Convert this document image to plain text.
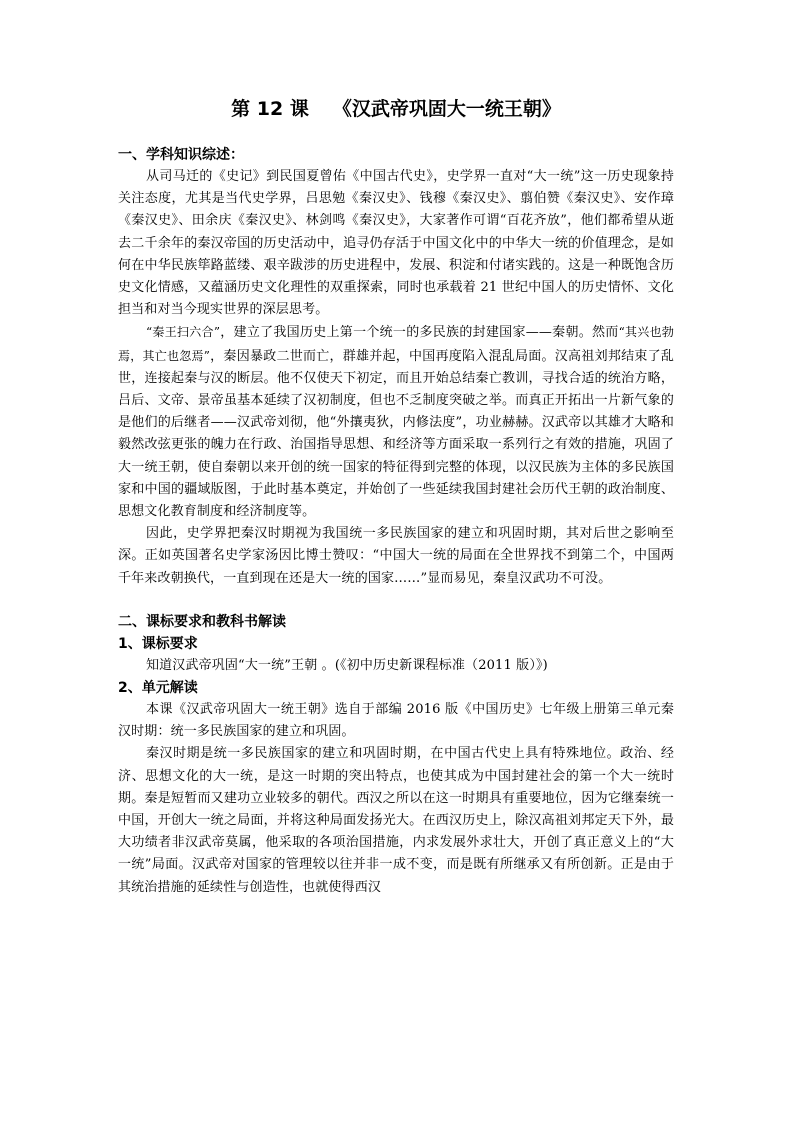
第 12 课 《汉武帝巩固大一统王朝》
一、学科知识综述：

从司马迁的《史记》到民国夏曾佑《中国古代史》，史学界一直对“大一统”这一历史现象持关注态度，尤其是当代史学界，吕思勉《秦汉史》、钱穆《秦汉史》、翦伯赞《秦汉史》、安作璋《秦汉史》、田余庆《秦汉史》、林剑鸣《秦汉史》，大家著作可谓“百花齐放”，他们都希望从逝去二千余年的秦汉帝国的历史活动中，追寻仍存活于中国文化中的中华大一统的价值理念，是如何在中华民族筚路蓝缕、艰辛跋涉的历史进程中，发展、积淀和付诸实践的。这是一种既饱含历史文化情感，又蕴涵历史文化理性的双重探索，同时也承载着 21 世纪中国人的历史情怀、文化担当和对当今现实世界的深层思考。

“秦王扫六合”，建立了我国历史上第一个统一的多民族的封建国家——秦朝。然而“其兴也勃焉，其亡也忽焉”，秦因暴政二世而亡，群雄并起，中国再度陷入混乱局面。汉高祖刘邦结束了乱世，连接起秦与汉的断层。他不仅使天下初定，而且开始总结秦亡教训，寻找合适的统治方略，吕后、文帝、景帝虽基本延续了汉初制度，但也不乏制度突破之举。而真正开拓出一片新气象的是他们的后继者——汉武帝刘彻，他“外攘夷狄，内修法度”，功业赫赫。汉武帝以其雄才大略和毅然改弦更张的魄力在行政、治国指导思想、和经济等方面采取一系列行之有效的措施，巩固了大一统王朝，使自秦朝以来开创的统一国家的特征得到完整的体现，以汉民族为主体的多民族国家和中国的疆域版图，于此时基本奠定，并始创了一些延续我国封建社会历代王朝的政治制度、思想文化教育制度和经济制度等。

因此，史学界把秦汉时期视为我国统一多民族国家的建立和巩固时期，其对后世之影响至深。正如英国著名史学家汤因比博士赞叹：“中国大一统的局面在全世界找不到第二个，中国两千年来改朝换代，一直到现在还是大一统的国家……”显而易见，秦皇汉武功不可没。

二、课标要求和教科书解读
1、课标要求

知道汉武帝巩固“大一统”王朝 。(《初中历史新课程标准（2011 版）》)

2、单元解读

本课《汉武帝巩固大一统王朝》选自于部编 2016 版《中国历史》七年级上册第三单元秦汉时期：统一多民族国家的建立和巩固。

秦汉时期是统一多民族国家的建立和巩固时期，在中国古代史上具有特殊地位。政治、经济、思想文化的大一统，是这一时期的突出特点，也使其成为中国封建社会的第一个大一统时期。秦是短暂而又建功立业较多的朝代。西汉之所以在这一时期具有重要地位，因为它继秦统一中国，开创大一统之局面，并将这种局面发扬光大。在西汉历史上，除汉高祖刘邦定天下外，最大功绩者非汉武帝莫属，他采取的各项治国措施，内求发展外求壮大，开创了真正意义上的“大一统”局面。汉武帝对国家的管理较以往并非一成不变，而是既有所继承又有所创新。正是由于其统治措施的延续性与创造性，也就使得西汉
